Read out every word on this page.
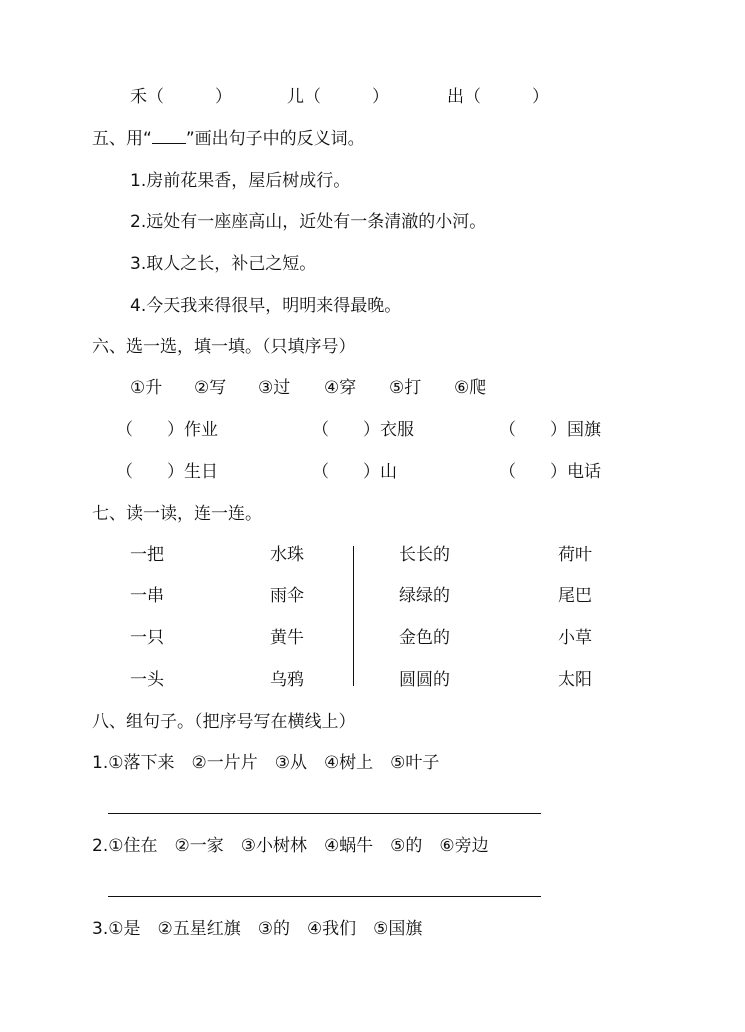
禾（　　　）	儿（　　　）	出（　　　）
五、用“ ”画出句子中的反义词。
1.房前花果香，屋后树成行。
2.远处有一座座高山，近处有一条清澈的小河。
3.取人之长，补己之短。
4.今天我来得很早，明明来得最晚。
六、选一选，填一填。（只填序号）
①升 ②写 ③过 ④穿 ⑤打 ⑥爬
（　　）作业	（　　）衣服	（　　）国旗
（　　）生日	（　　）山	（　　）电话
七、读一读，连一连。
一把	水珠	长长的	荷叶
一串	雨伞	绿绿的	尾巴
一只	黄牛	金色的	小草
一头	乌鸦	圆圆的	太阳
八、组句子。（把序号写在横线上）
1.①落下来　②一片片　③从　④树上　⑤叶子
2.①住在　②一家　③小树林　④蜗牛　⑤的　⑥旁边
3.①是　②五星红旗　③的　④我们　⑤国旗
